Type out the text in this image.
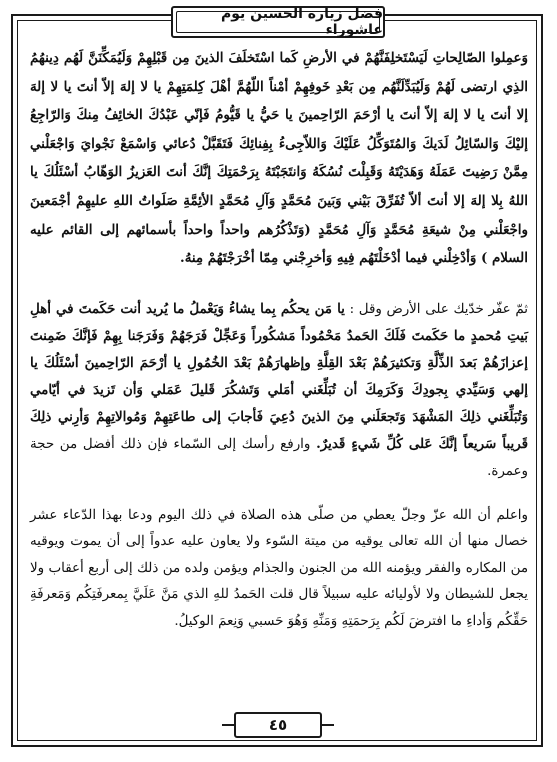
فضل زيارة الحسين يوم عاشوراء

وَعمِلوا الصّالِحاتِ لَيَسْتَخلِفَنَّهُمْ في الأرضِ كَما اسْتَخلَفَ الذينَ مِن قَبْلِهِمْ وَلَيُمَكِّنَنَّ لَهُم دِينهُمُ الذِي ارتضى لَهُمْ وَلَيُبَدِّلَنَّهُم مِن بَعْدِ خَوفِهِمْ أمْناً اللّهُمَّ أهْلَ كِلمَتِهِمْ يا لا إلهَ إلاّ أنتَ يا لا إلهَ إلا أنتَ يا لا إلهَ إلاّ أنتَ يا أرْحَمَ الرّاحِمينَ يا حَيُّ يا قَيُّومُ فَإنّي عَبْدُكَ الخائِفُ مِنكَ وَالرّاجِعُ إليْكَ وَالسّائِلُ لَدَيكَ وَالمُتَوَكِّلُ عَلَيْكَ وَاللاّجِىءُ بِفِنائِكَ فَتَقَبَّلْ دُعائي وَاسْمَعْ نَجْوايَ وَاجْعَلْني مِمَّنْ رَضِيتَ عَمَلَهُ وَهَدَيْتَهُ وَقَبِلْتَ نُسُكَهُ وَانتَجَبْتَهُ بِرَحْمَتِكَ إنَّكَ أنتَ العَزيزُ الوَهّابُ أسْئَلُكَ يا اللهُ بِلا إلهَ إلا أنتَ ألاّ تُفَرِّقَ بَيْني وَبَينَ مُحَمَّدٍ وَآلِ مُحَمَّدٍ الأئِمَّةِ صَلَواتُ اللهِ عليهِمْ أجْمَعينَ واجْعَلْني مِنْ شيعَةِ مُحَمَّدٍ وَآلِ مُحَمَّدٍ (وَتَذْكُرُهم واحداً واحداً بأسمائهم إلى القائم عليه السلام ) وَأدْخِلْني فيما أدْخَلْتَهُم فِيهِ وَأخرِجْني مِمّا أخْرَجْتَهُمْ مِنهُ.

ثمّ عفّر خدّيك على الأرض وقل : يا مَن يحكُم بِما يشاءُ وَيَعْملُ ما يُريد أنت حَكَمتَ في أهلِ بَيتِ مُحمدٍ ما حَكَمتَ فَلَكَ الحَمدُ مَحْمُوداً مَشكُوراً وَعَجِّلْ فَرَجَهُمْ وَفَرَجَنا بِهِمْ فَإنَّكَ ضَمِنتَ إعزازَهُمْ بَعدَ الذِّلَّةِ وَتكثيرَهُمْ بَعْدَ القِلَّةِ وإظهارَهُمْ بَعْدَ الخُمُولِ يا أرْحَمَ الرّاحِمينَ أسْئَلُكَ يا إلهي وَسَيِّدي بِجودِكَ وَكَرَمِكَ أن تُبَلِّغَني أمَلي وَتَشكُرَ قَليلَ عَمَلي وَأن تَزيدَ في أيّامي وَتُبَلِّغَني ذلِكَ المَشْهَدَ وَتَجعَلَني مِنَ الذينَ دُعِيَ فَأجابَ إلى طاعَتِهِمْ وَمُوالاتِهِمْ وَأرِني ذلِكَ قَريباً سَريعاً إنَّكَ عَلى كُلِّ شَيءٍ قَديرٌ. وارفع رأسك إلى السّماء فإن ذلك أفضل من حجة وعمرة.

واعلم أن الله عزّ وجلّ يعطي من صلّى هذه الصلاة في ذلك اليوم ودعا بهذا الدّعاء عشر خصال منها أن الله تعالى يوقيه من ميتة السّوء ولا يعاون عليه عدواً إلى أن يموت ويوقيه من المكاره والفقر ويؤمنه الله من الجنون والجذام ويؤمن ولده من ذلك إلى أربع أعقاب ولا يجعل للشيطان ولا لأوليائه عليه سبيلاً قال قلت الحَمدُ للهِ الذي مَنَّ عَلَيَّ بِمعرفَتِكُم وَمَعرفَةِ حَقِّكُم وَأداءِ ما افترضَ لَكُم بِرَحمَتِهِ وَمَنِّهِ وَهُوَ حَسبي وَنِعمَ الوكيلُ.

٤٥
